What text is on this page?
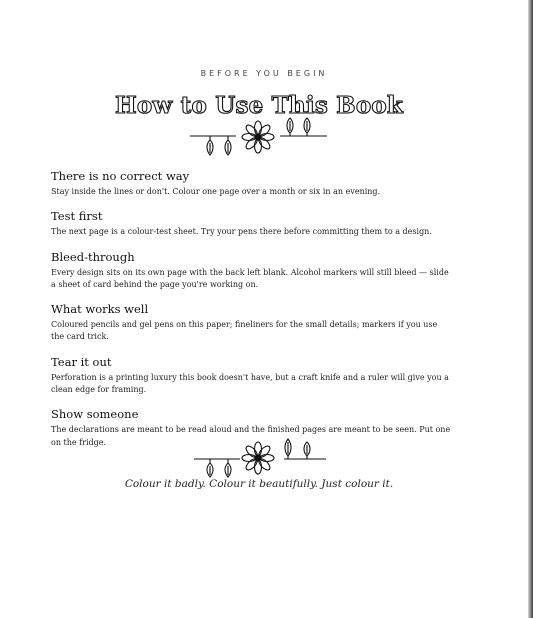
BEFORE YOU BEGIN
How to Use This Book
There is no correct way

Stay inside the lines or don't. Colour one page over a month or six in an evening.

Test first

The next page is a colour-test sheet. Try your pens there before committing them to a design.

Bleed-through

Every design sits on its own page with the back left blank. Alcohol markers will still bleed — slide a sheet of card behind the page you're working on.

What works well

Coloured pencils and gel pens on this paper; fineliners for the small details; markers if you use the card trick.

Tear it out

Perforation is a printing luxury this book doesn't have, but a craft knife and a ruler will give you a clean edge for framing.

Show someone

The declarations are meant to be read aloud and the finished pages are meant to be seen. Put one on the fridge.

Colour it badly. Colour it beautifully. Just colour it.
